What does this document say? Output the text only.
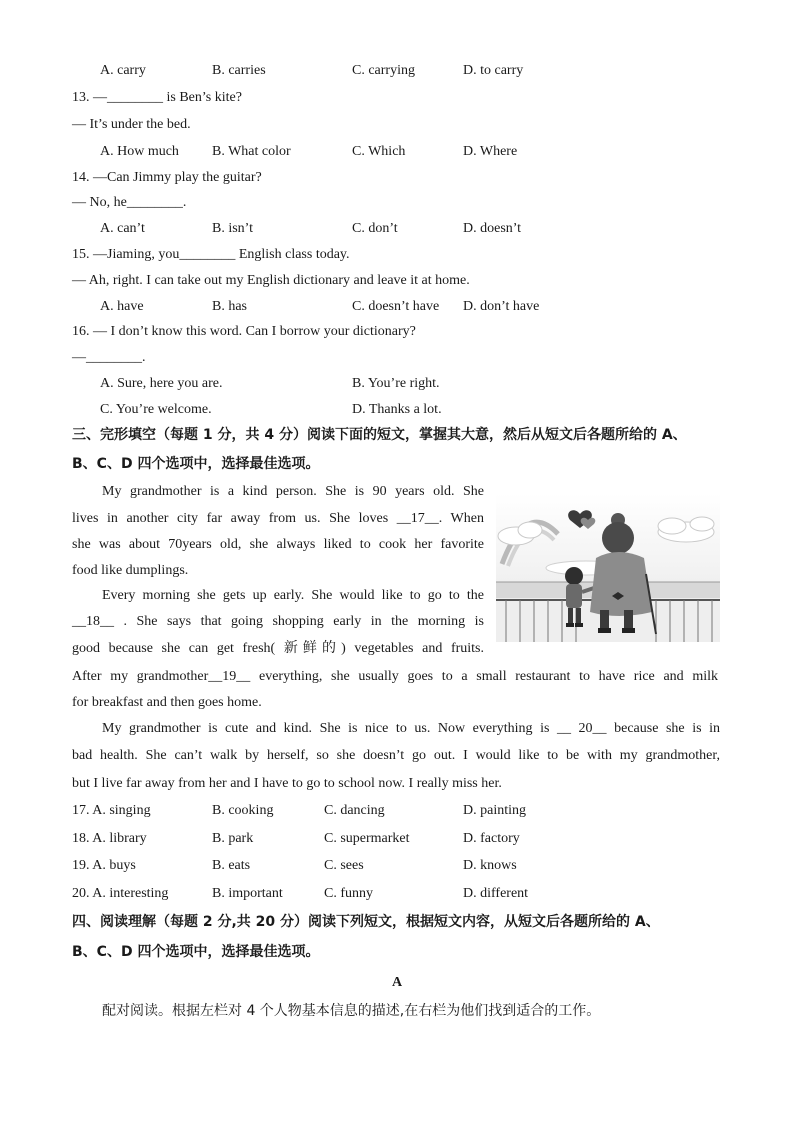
A. carry	B. carries	C. carrying	D. to carry
13. —________ is Ben’s kite?
— It’s under the bed.
A. How much B. What color	C. Which	D. Where
14. —Can Jimmy play the guitar?
— No, he________.
A. can’t	B. isn’t	C. don’t	D. doesn’t
15. —Jiaming, you________ English class today.
— Ah, right. I can take out my English dictionary and leave it at home.
A. have	B. has	C. doesn’t have D. don’t have
16. — I don’t know this word. Can I borrow your dictionary?
—________.
A. Sure, here you are.	B. You’re right.
C. You’re welcome.	D. Thanks a lot.
三、完形填空（每题 1 分，共 4 分）阅读下面的短文，掌握其大意，然后从短文后各题所给的 A、
B、C、D 四个选项中，选择最佳选项。
My grandmother is a kind person. She is 90 years old. She
lives in another city far away from us. She loves __17__. When
she was about 70years old, she always liked to cook her favorite
food like dumplings.
Every morning she gets up early. She would like to go to the
__18__ . She says that going shopping early in the morning is
good because she can get fresh( 新鲜的) vegetables and fruits.
After my grandmother__19__ everything, she usually goes to a small restaurant to have rice and milk
for breakfast and then goes home.
My grandmother is cute and kind. She is nice to us. Now everything is __ 20__ because she is in
bad health. She can’t walk by herself, so she doesn’t go out. I would like to be with my grandmother,
but I live far away from her and I have to go to school now. I really miss her.
17. A. singing	B. cooking	C. dancing	D. painting
18. A. library	B. park	C. supermarket	D. factory
19. A. buys	B. eats	C. sees	D. knows
20. A. interesting	B. important	C. funny	D. different
四、阅读理解（每题 2 分,共 20 分）阅读下列短文，根据短文内容，从短文后各题所给的 A、
B、C、D 四个选项中，选择最佳选项。
A
配对阅读。根据左栏对 4 个人物基本信息的描述,在右栏为他们找到适合的工作。
